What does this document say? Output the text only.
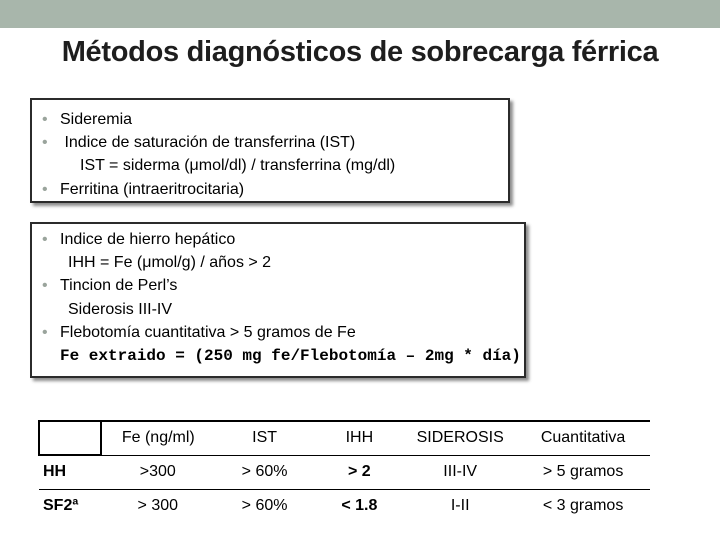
Métodos diagnósticos de sobrecarga férrica
• Sideremia
• Indice de saturación de transferrina (IST)
IST = siderma (μmol/dl) / transferrina (mg/dl)
• Ferritina (intraeritrocitaria)
• Indice de hierro hepático
IHH = Fe (μmol/g) / años > 2
• Tincion de Perl’s
Siderosis III-IV
• Flebotomía cuantitativa > 5 gramos de Fe
Fe extraido = (250 mg fe/Flebotomía – 2mg * día)
	Fe (ng/ml)	IST	IHH	SIDEROSIS	Cuantitativa
HH	>300	> 60%	> 2	III-IV	> 5 gramos
SF2ª	> 300	> 60%	< 1.8	I-II	< 3 gramos
